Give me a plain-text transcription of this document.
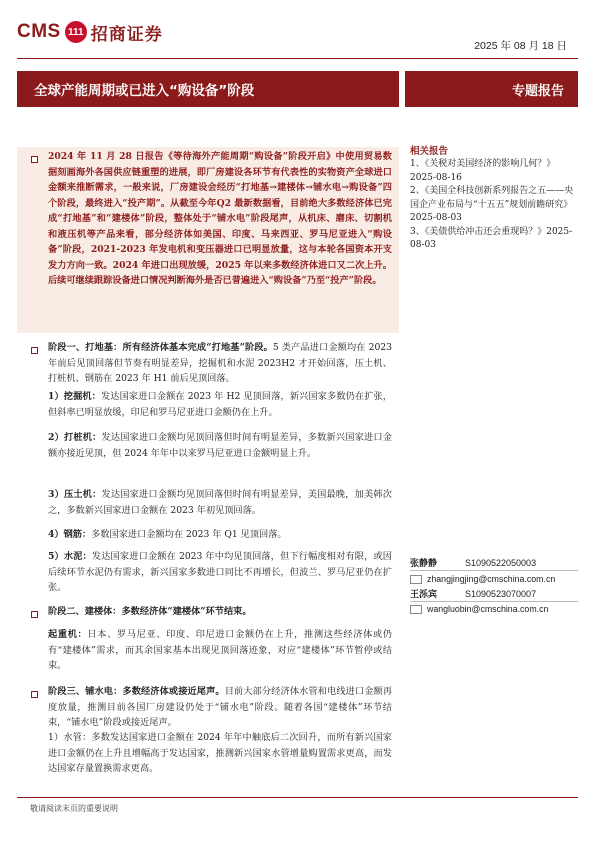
CMS 111 招商证券
2025 年 08 月 18 日
全球产能周期或已进入“购设备”阶段	专题报告
2024 年 11 月 28 日报告《等待海外产能周期“购设备”阶段开启》中使用贸易数据刻画海外各国供应链重塑的进展，即厂房建设各环节有代表性的实物资产全球进口金额来推断需求，一般来说，厂房建设会经历“打地基→建楼体→铺水电→购设备”四个阶段，最终进入“投产期”。从截至今年Q2 最新数据看，目前绝大多数经济体已完成“打地基”和“建楼体”阶段，整体处于“铺水电”阶段尾声，从机床、磨床、切割机和液压机等产品来看，部分经济体如美国、印度、马来西亚、罗马尼亚进入“购设备”阶段，2021-2023 年发电机和变压器进口已明显放量，这与本轮各国资本开支发力方向一致。2024 年进口出现放缓，2025 年以来多数经济体进口又二次上升。后续可继续跟踪设备进口情况判断海外是否已普遍进入“购设备”乃至“投产”阶段。
阶段一、打地基：所有经济体基本完成“打地基”阶段。5 类产品进口金额均在 2023 年前后见顶回落但节奏有明显差异，挖掘机和水泥 2023H2 才开始回落，压土机、打桩机、钢筋在 2023 年 H1 前后见顶回落。
1）挖掘机：发达国家进口金额在 2023 年 H2 见顶回落，新兴国家多数仍在扩张，但斜率已明显放缓，印尼和罗马尼亚进口金额仍在上升。
2）打桩机：发达国家进口金额均见顶回落但时间有明显差异，多数新兴国家进口金额亦接近见顶，但 2024 年年中以来罗马尼亚进口金额明显上升。
3）压土机：发达国家进口金额均见顶回落但时间有明显差异，美国最晚，加美韩次之，多数新兴国家进口金额在 2023 年初见顶回落。
4）钢筋：多数国家进口金额均在 2023 年 Q1 见顶回落。
5）水泥：发达国家进口金额在 2023 年中均见顶回落，但下行幅度相对有限，或因后续环节水泥仍有需求，新兴国家多数进口同比不再增长，但波兰、罗马尼亚仍在扩张。
阶段二、建楼体：多数经济体“建楼体”环节结束。
起重机：日本、罗马尼亚、印度、印尼进口金额仍在上升，推测这些经济体或仍有“建楼体”需求，而其余国家基本出现见顶回落迹象，对应“建楼体”环节暂停或结束。
阶段三、铺水电：多数经济体或接近尾声。目前大部分经济体水管和电线进口金额再度放量，推测目前各国厂房建设仍处于“铺水电”阶段。随着各国“建楼体”环节结束，“铺水电”阶段或接近尾声。
1）水管：多数发达国家进口金额在 2024 年年中触底后二次回升，而所有新兴国家进口金额仍在上升且增幅高于发达国家，推测新兴国家水管增量购置需求更高，而发达国家存量置换需求更高。
相关报告
1、《关税对美国经济的影响几何？》2025-08-16
2、《美国全科技创新系列报告之五——央国企产业布局与“十五五”规划前瞻研究》2025-08-03
3、《美债供给冲击还会重现吗？》2025-08-03
张静静	S1090522050003
zhangjingjing@cmschina.com.cn
王泺宾	S1090523070007
wangluobin@cmschina.com.cn
敬请阅读末页的重要说明
